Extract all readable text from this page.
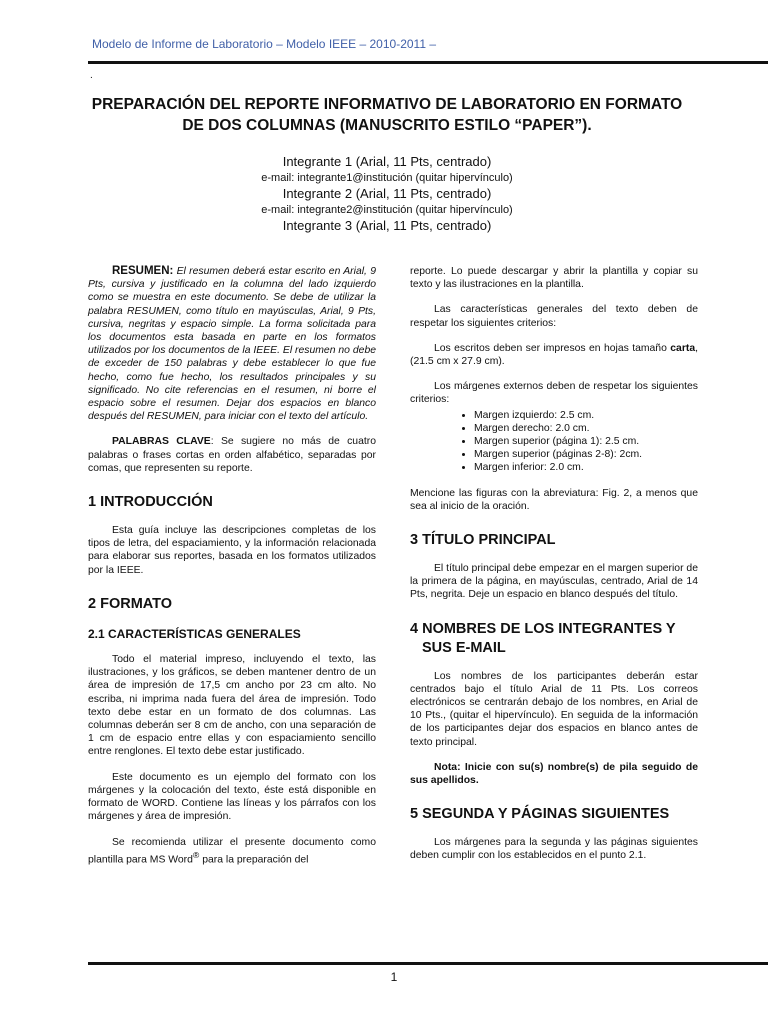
Modelo de Informe de Laboratorio – Modelo IEEE – 2010-2011 –
.
PREPARACIÓN DEL REPORTE INFORMATIVO DE LABORATORIO EN FORMATO DE DOS COLUMNAS (MANUSCRITO ESTILO “PAPER”).
Integrante 1 (Arial, 11 Pts, centrado)
e-mail: integrante1@institución (quitar hipervínculo)
Integrante 2 (Arial, 11 Pts, centrado)
e-mail: integrante2@institución (quitar hipervínculo)
Integrante 3 (Arial, 11 Pts, centrado)

RESUMEN: El resumen deberá estar escrito en Arial, 9 Pts, cursiva y justificado en la columna del lado izquierdo como se muestra en este documento. Se debe de utilizar la palabra RESUMEN, como título en mayúsculas, Arial, 9 Pts, cursiva, negritas y espacio simple. La forma solicitada para los documentos esta basada en parte en los formatos utilizados por los documentos de la IEEE. El resumen no debe de exceder de 150 palabras y debe establecer lo que fue hecho, como fue hecho, los resultados principales y su significado. No cite referencias en el resumen, ni borre el espacio sobre el resumen. Dejar dos espacios en blanco después del RESUMEN, para iniciar con el texto del artículo.

PALABRAS CLAVE: Se sugiere no más de cuatro palabras o frases cortas en orden alfabético, separadas por comas, que representen su reporte.

1 INTRODUCCIÓN

Esta guía incluye las descripciones completas de los tipos de letra, del espaciamiento, y la información relacionada para elaborar sus reportes, basada en los formatos utilizados por la IEEE.

2 FORMATO
2.1 CARACTERÍSTICAS GENERALES

Todo el material impreso, incluyendo el texto, las ilustraciones, y los gráficos, se deben mantener dentro de un área de impresión de 17,5 cm ancho por 23 cm alto. No escriba, ni imprima nada fuera del área de impresión. Todo texto debe estar en un formato de dos columnas. Las columnas deberán ser 8 cm de ancho, con una separación de 1 cm de espacio entre ellas y con espaciamiento sencillo entre renglones. El texto debe estar justificado.

Este documento es un ejemplo del formato con los márgenes y la colocación del texto, éste está disponible en formato de WORD. Contiene las líneas y los párrafos con los márgenes y área de impresión.

Se recomienda utilizar el presente documento como plantilla para MS Word® para la preparación del

reporte. Lo puede descargar y abrir la plantilla y copiar su texto y las ilustraciones en la plantilla.

Las características generales del texto deben de respetar los siguientes criterios:

Los escritos deben ser impresos en hojas tamaño carta, (21.5 cm x 27.9 cm).

Los márgenes externos deben de respetar los siguientes criterios:

• Margen izquierdo: 2.5 cm.
• Margen derecho: 2.0 cm.
• Margen superior (página 1): 2.5 cm.
• Margen superior (páginas 2-8): 2cm.
• Margen inferior: 2.0 cm.

Mencione las figuras con la abreviatura: Fig. 2, a menos que sea al inicio de la oración.

3 TÍTULO PRINCIPAL

El título principal debe empezar en el margen superior de la primera de la página, en mayúsculas, centrado, Arial de 14 Pts, negrita. Deje un espacio en blanco después del título.

4 NOMBRES DE LOS INTEGRANTES Y
SUS E-MAIL

Los nombres de los participantes deberán estar centrados bajo el título Arial de 11 Pts. Los correos electrónicos se centrarán debajo de los nombres, en Arial de 10 Pts., (quitar el hipervínculo). En seguida de la información de los participantes dejar dos espacios en blanco antes de texto principal.

Nota: Inicie con su(s) nombre(s) de pila seguido de sus apellidos.

5 SEGUNDA Y PÁGINAS SIGUIENTES

Los márgenes para la segunda y las páginas siguientes deben cumplir con los establecidos en el punto 2.1.

1
